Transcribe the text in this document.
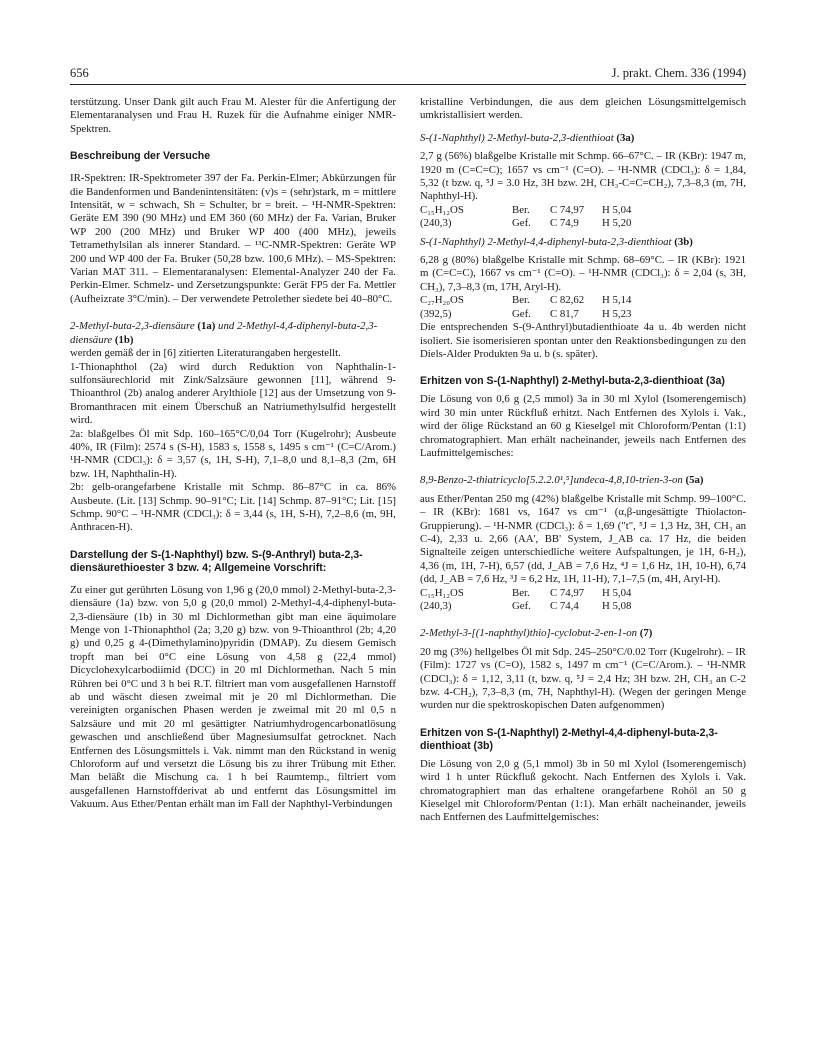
656	J. prakt. Chem. 336 (1994)

terstützung. Unser Dank gilt auch Frau M. Alester für die Anfertigung der Elementaranalysen und Frau H. Ruzek für die Aufnahme einiger NMR-Spektren.

Beschreibung der Versuche

IR-Spektren: IR-Spektrometer 397 der Fa. Perkin-Elmer; Abkürzungen für die Bandenformen und Bandenintensitäten: (v)s = (sehr)stark, m = mittlere Intensität, w = schwach, Sh = Schulter, br = breit. – ¹H-NMR-Spektren: Geräte EM 390 (90 MHz) und EM 360 (60 MHz) der Fa. Varian, Bruker WP 200 (200 MHz) und Bruker WP 400 (400 MHz), jeweils Tetramethylsilan als innerer Standard. – ¹³C-NMR-Spektren: Geräte WP 200 und WP 400 der Fa. Bruker (50,28 bzw. 100,6 MHz). – MS-Spektren: Varian MAT 311. – Elementaranalysen: Elemental-Analyzer 240 der Fa. Perkin-Elmer. Schmelz- und Zersetzungspunkte: Gerät FP5 der Fa. Mettler (Aufheizrate 3°C/min). – Der verwendete Petrolether siedete bei 40–80°C.

2-Methyl-buta-2,3-diensäure (1a) und 2-Methyl-4,4-diphenyl-buta-2,3-diensäure (1b)

werden gemäß der in [6] zitierten Literaturangaben hergestellt.

1-Thionaphthol (2a) wird durch Reduktion von Naphthalin-1-sulfonsäurechlorid mit Zink/Salzsäure gewonnen [11], während 9-Thioanthrol (2b) analog anderer Arylthiole [12] aus der Umsetzung von 9-Bromanthracen mit einem Überschuß an Natriumethylsulfid hergestellt wird.

2a: blaßgelbes Öl mit Sdp. 160–165°C/0,04 Torr (Kugelrohr); Ausbeute 40%, IR (Film): 2574 s (S-H), 1583 s, 1558 s, 1495 s cm⁻¹ (C=C/Arom.) ¹H-NMR (CDCl₃): δ = 3,57 (s, 1H, S-H), 7,1–8,0 und 8,1–8,3 (2m, 6H bzw. 1H, Naphthalin-H).

2b: gelb-orangefarbene Kristalle mit Schmp. 86–87°C in ca. 86% Ausbeute. (Lit. [13] Schmp. 90–91°C; Lit. [14] Schmp. 87–91°C; Lit. [15] Schmp. 90°C – ¹H-NMR (CDCl₃): δ = 3,44 (s, 1H, S-H), 7,2–8,6 (m, 9H, Anthracen-H).

Darstellung der S-(1-Naphthyl) bzw. S-(9-Anthryl) buta-2,3-diensäurethioester 3 bzw. 4; Allgemeine Vorschrift:

Zu einer gut gerührten Lösung von 1,96 g (20,0 mmol) 2-Methyl-buta-2,3-diensäure (1a) bzw. von 5,0 g (20,0 mmol) 2-Methyl-4,4-diphenyl-buta-2,3-diensäure (1b) in 30 ml Dichlormethan gibt man eine äquimolare Menge von 1-Thionaphthol (2a; 3,20 g) bzw. von 9-Thioanthrol (2b; 4,20 g) und 0,25 g 4-(Dimethylamino)pyridin (DMAP). Zu diesem Gemisch tropft man bei 0°C eine Lösung von 4,58 g (22,4 mmol) Dicyclohexylcarbodiimid (DCC) in 20 ml Dichlormethan. Nach 5 min Rühren bei 0°C und 3 h bei R.T. filtriert man vom ausgefallenen Harnstoff ab und wäscht diesen zweimal mit je 20 ml Dichlormethan. Die vereinigten organischen Phasen werden je zweimal mit 20 ml 0,5 n Salzsäure und mit 20 ml gesättigter Natriumhydrogencarbonatlösung gewaschen und anschließend über Magnesiumsulfat getrocknet. Nach Entfernen des Lösungsmittels i. Vak. nimmt man den Rückstand in wenig Chloroform auf und versetzt die Lösung bis zu ihrer Trübung mit Ether. Man beläßt die Mischung ca. 1 h bei Raumtemp., filtriert vom ausgefallenen Harnstoffderivat ab und entfernt das Lösungsmittel im Vakuum. Aus Ether/Pentan erhält man im Fall der Naphthyl-Verbindungen

kristalline Verbindungen, die aus dem gleichen Lösungsmittelgemisch umkristallisiert werden.

S-(1-Naphthyl) 2-Methyl-buta-2,3-dienthioat (3a)

2,7 g (56%) blaßgelbe Kristalle mit Schmp. 66–67°C. – IR (KBr): 1947 m, 1920 m (C=C=C); 1657 vs cm⁻¹ (C=O). – ¹H-NMR (CDCl₃): δ = 1,84, 5,32 (t bzw. q, ⁵J = 3.0 Hz, 3H bzw. 2H, CH₃-C=C=CH₂), 7,3–8,3 (m, 7H, Naphthyl-H).

C₁₅H₁₂OS	Ber.	C 74,97	H 5,04
(240,3)	Gef.	C 74,9	H 5,20

S-(1-Naphthyl) 2-Methyl-4,4-diphenyl-buta-2,3-dienthioat (3b)

6,28 g (80%) blaßgelbe Kristalle mit Schmp. 68–69°C. – IR (KBr): 1921 m (C=C=C), 1667 vs cm⁻¹ (C=O). – ¹H-NMR (CDCl₃): δ = 2,04 (s, 3H, CH₃), 7,3–8,3 (m, 17H, Aryl-H).

C₂₇H₂₀OS	Ber.	C 82,62	H 5,14
(392,5)	Gef.	C 81,7	H 5,23

Die entsprechenden S-(9-Anthryl)butadienthioate 4a u. 4b werden nicht isoliert. Sie isomerisieren spontan unter den Reaktionsbedingungen zu den Diels-Alder Produkten 9a u. b (s. später).

Erhitzen von S-(1-Naphthyl) 2-Methyl-buta-2,3-dienthioat (3a)

Die Lösung von 0,6 g (2,5 mmol) 3a in 30 ml Xylol (Isomerengemisch) wird 30 min unter Rückfluß erhitzt. Nach Entfernen des Xylols i. Vak., wird der ölige Rückstand an 60 g Kieselgel mit Chloroform/Pentan (1:1) chromatographiert. Man erhält nacheinander, jeweils nach Entfernen des Laufmittelgemisches:

8,9-Benzo-2-thiatricyclo[5.2.2.0¹,⁵]undeca-4,8,10-trien-3-on (5a)

aus Ether/Pentan 250 mg (42%) blaßgelbe Kristalle mit Schmp. 99–100°C. – IR (KBr): 1681 vs, 1647 vs cm⁻¹ (α,β-ungesättigte Thiolacton-Gruppierung). – ¹H-NMR (CDCl₃): δ = 1,69 ("t", ⁵J = 1,3 Hz, 3H, CH₃ an C-4), 2,33 u. 2,66 (AA', BB' System, J_AB ca. 17 Hz, die beiden Signalteile zeigen unterschiedliche weitere Aufspaltungen, je 1H, 6-H₂), 4,36 (m, 1H, 7-H), 6,57 (dd, J_AB = 7,6 Hz, ⁴J = 1,6 Hz, 1H, 10-H), 6,74 (dd, J_AB = 7,6 Hz, ³J = 6,2 Hz, 1H, 11-H), 7,1–7,5 (m, 4H, Aryl-H).

C₁₅H₁₂OS	Ber.	C 74,97	H 5,04
(240,3)	Gef.	C 74,4	H 5,08

2-Methyl-3-[(1-naphthyl)thio]-cyclobut-2-en-1-on (7)

20 mg (3%) hellgelbes Öl mit Sdp. 245–250°C/0.02 Torr (Kugelrohr). – IR (Film): 1727 vs (C=O), 1582 s, 1497 m cm⁻¹ (C=C/Arom.). – ¹H-NMR (CDCl₃): δ = 1,12, 3,11 (t, bzw. q, ⁵J = 2,4 Hz; 3H bzw. 2H, CH₃ an C-2 bzw. 4-CH₂), 7,3–8,3 (m, 7H, Naphthyl-H). (Wegen der geringen Menge wurden nur die spektroskopischen Daten aufgenommen)

Erhitzen von S-(1-Naphthyl) 2-Methyl-4,4-diphenyl-buta-2,3-dienthioat (3b)

Die Lösung von 2,0 g (5,1 mmol) 3b in 50 ml Xylol (Isomerengemisch) wird 1 h unter Rückfluß gekocht. Nach Entfernen des Xylols i. Vak. chromatographiert man das erhaltene orangefarbene Rohöl an 50 g Kieselgel mit Chloroform/Pentan (1:1). Man erhält nacheinander, jeweils nach Entfernen des Laufmittelgemisches:
